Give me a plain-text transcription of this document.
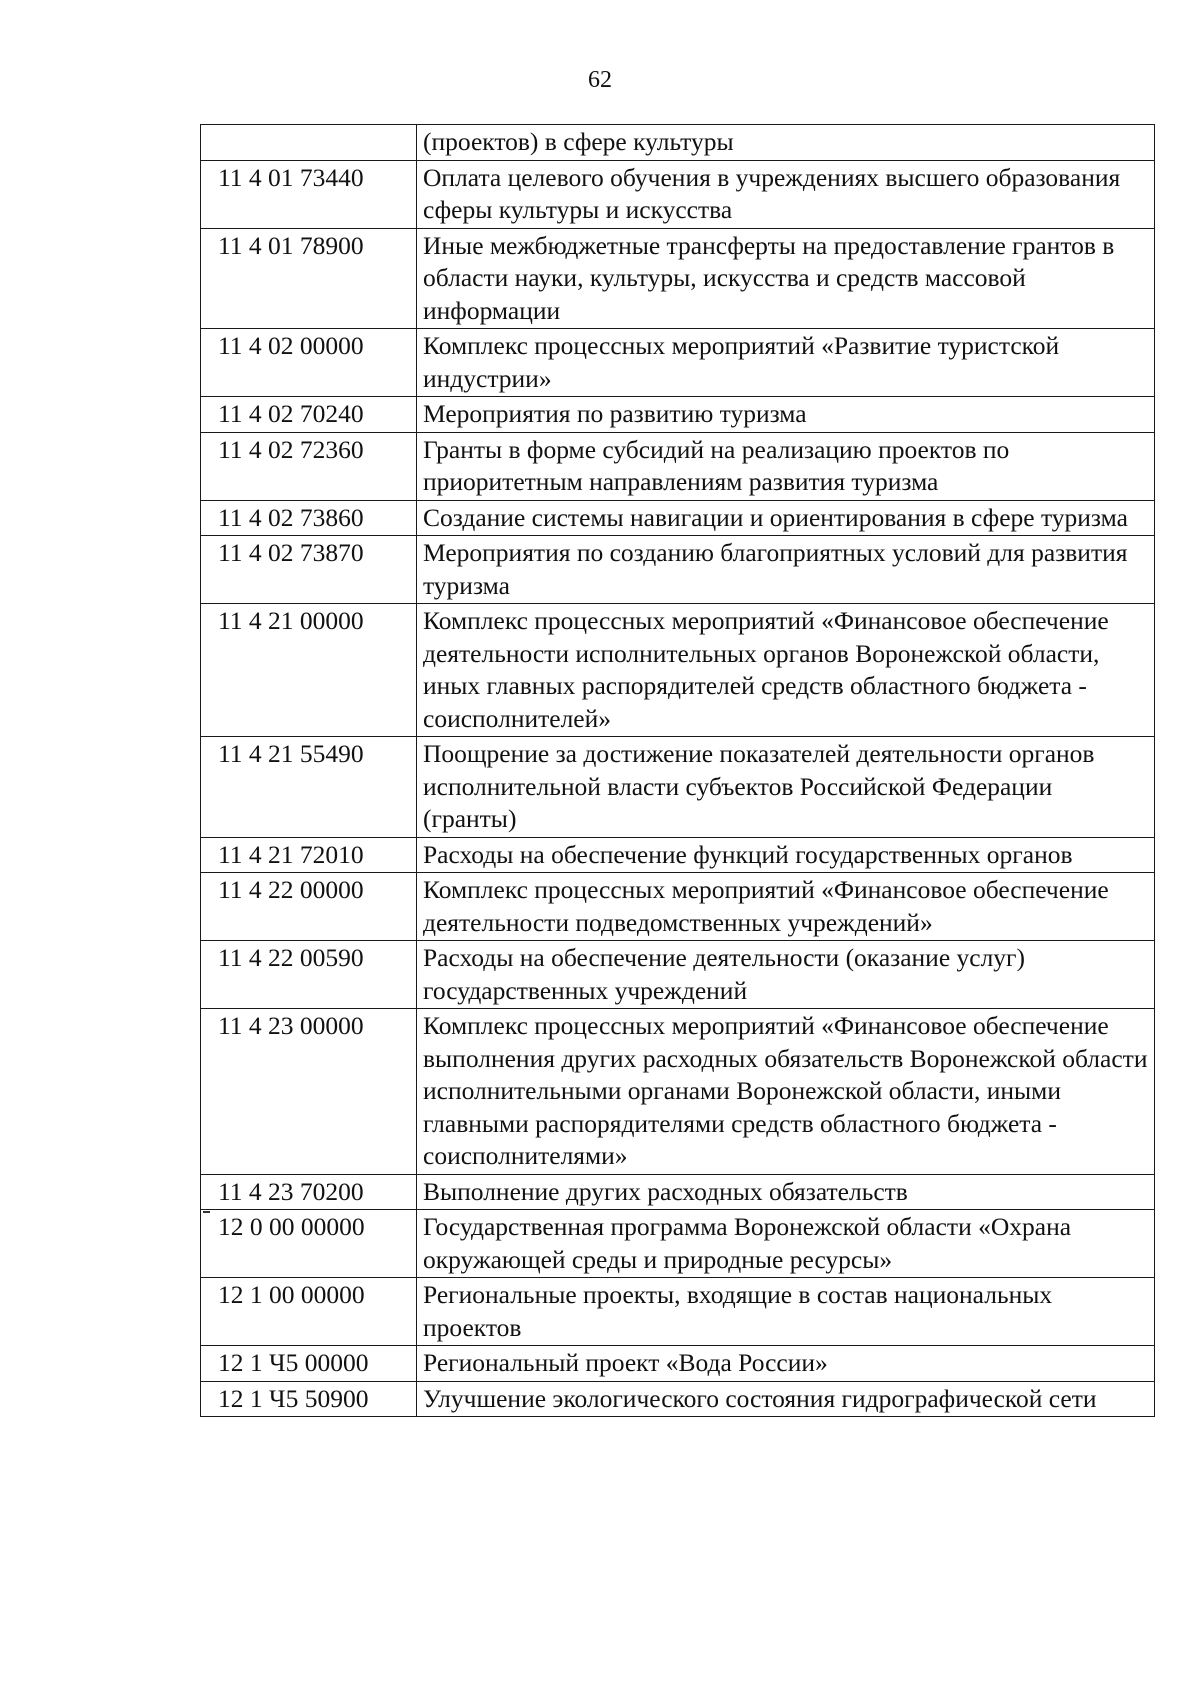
62
	(проектов) в сфере культуры
11 4 01 73440	Оплата целевого обучения в учреждениях высшего образования сферы культуры и искусства
11 4 01 78900	Иные межбюджетные трансферты на предоставление грантов в области науки, культуры, искусства и средств массовой информации
11 4 02 00000	Комплекс процессных мероприятий «Развитие туристской индустрии»
11 4 02 70240	Мероприятия по развитию туризма
11 4 02 72360	Гранты в форме субсидий на реализацию проектов по приоритетным направлениям развития туризма
11 4 02 73860	Создание системы навигации и ориентирования в сфере туризма
11 4 02 73870	Мероприятия по созданию благоприятных условий для развития туризма
11 4 21 00000	Комплекс процессных мероприятий «Финансовое обеспечение деятельности исполнительных органов Воронежской области, иных главных распорядителей средств областного бюджета - соисполнителей»
11 4 21 55490	Поощрение за достижение показателей деятельности органов исполнительной власти субъектов Российской Федерации (гранты)
11 4 21 72010	Расходы на обеспечение функций государственных органов
11 4 22 00000	Комплекс процессных мероприятий «Финансовое обеспечение деятельности подведомственных учреждений»
11 4 22 00590	Расходы на обеспечение деятельности (оказание услуг) государственных учреждений
11 4 23 00000	Комплекс процессных мероприятий «Финансовое обеспечение выполнения других расходных обязательств Воронежской области исполнительными органами Воронежской области, иными главными распорядителями средств областного бюджета - соисполнителями»
11 4 23 70200	Выполнение других расходных обязательств
12 0 00 00000	Государственная программа Воронежской области «Охрана окружающей среды и природные ресурсы»
12 1 00 00000	Региональные проекты, входящие в состав национальных проектов
12 1 Ч5 00000	Региональный проект «Вода России»
12 1 Ч5 50900	Улучшение экологического состояния гидрографической сети
